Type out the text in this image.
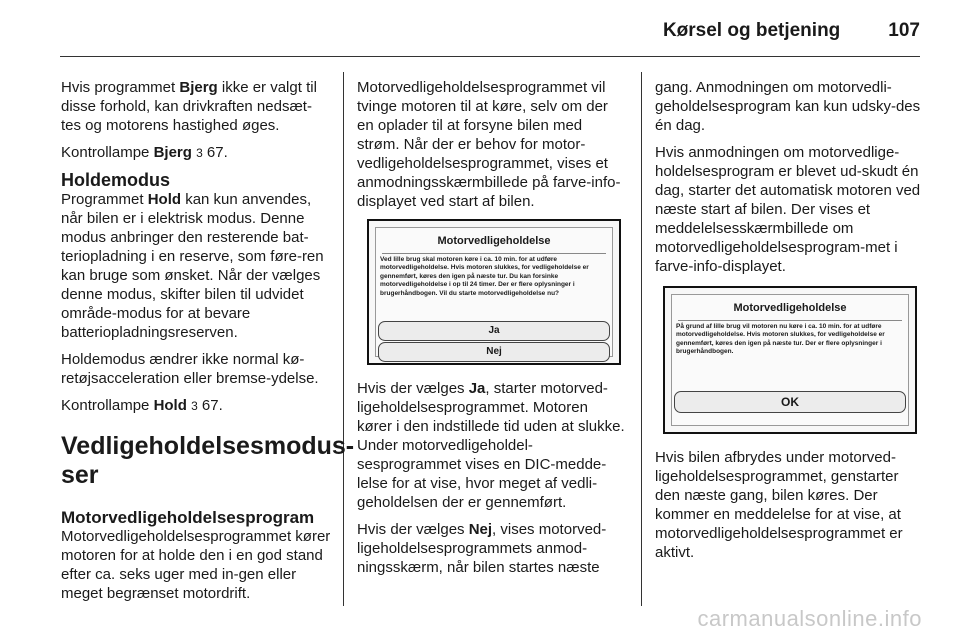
Kørsel og betjening	107

Hvis programmet Bjerg ikke er valgt til disse forhold, kan drivkraften nedsæt-tes og motorens hastighed øges.

Kontrollampe Bjerg 3 67.

Holdemodus

Programmet Hold kan kun anvendes, når bilen er i elektrisk modus. Denne modus anbringer den resterende bat-teriopladning i en reserve, som føre-ren kan bruge som ønsket. Når der vælges denne modus, skifter bilen til udvidet område-modus for at bevare batteriopladningsreserven.

Holdemodus ændrer ikke normal kø-retøjsacceleration eller bremse-ydelse.

Kontrollampe Hold 3 67.

Vedligeholdelsesmodus-ser
Motorvedligeholdelsesprogram

Motorvedligeholdelsesprogrammet kører motoren for at holde den i en god stand efter ca. seks uger med in-gen eller meget begrænset motordrift.

Motorvedligeholdelsesprogrammet vil tvinge motoren til at køre, selv om der en oplader til at forsyne bilen med strøm. Når der er behov for motor-vedligeholdelsesprogrammet, vises et anmodningsskærmbillede på farve-info-displayet ved start af bilen.

Motorvedligeholdelse
Ved lille brug skal motoren køre i ca. 10 min. for at udføre motorvedligeholdelse. Hvis motoren slukkes, for vedligeholdelse er gennemført, køres den igen på næste tur. Du kan forsinke motorvedligeholdelse i op til 24 timer. Der er flere oplysninger i brugerhåndbogen. Vil du starte motorvedligeholdelse nu?
Ja
Nej

Hvis der vælges Ja, starter motorved-ligeholdelsesprogrammet. Motoren kører i den indstillede tid uden at slukke. Under motorvedligeholdel-sesprogrammet vises en DIC-medde-lelse for at vise, hvor meget af vedli-geholdelsen der er gennemført.

Hvis der vælges Nej, vises motorved-ligeholdelsesprogrammets anmod-ningsskærm, når bilen startes næste

gang. Anmodningen om motorvedli-geholdelsesprogram kan kun udsky-des én dag.

Hvis anmodningen om motorvedlige-holdelsesprogram er blevet ud-skudt én dag, starter det automatisk motoren ved næste start af bilen. Der vises et meddelelsesskærmbillede om motorvedligeholdelsesprogram-met i farve-info-displayet.

Motorvedligeholdelse
På grund af lille brug vil motoren nu køre i ca. 10 min. for at udføre motorvedligeholdelse. Hvis motoren slukkes, for vedligeholdelse er gennemført, køres den igen på næste tur. Der er flere oplysninger i brugerhåndbogen.
OK

Hvis bilen afbrydes under motorved-ligeholdelsesprogrammet, genstarter den næste gang, bilen køres. Der kommer en meddelelse for at vise, at motorvedligeholdelsesprogrammet er aktivt.

carmanualsonline.info
